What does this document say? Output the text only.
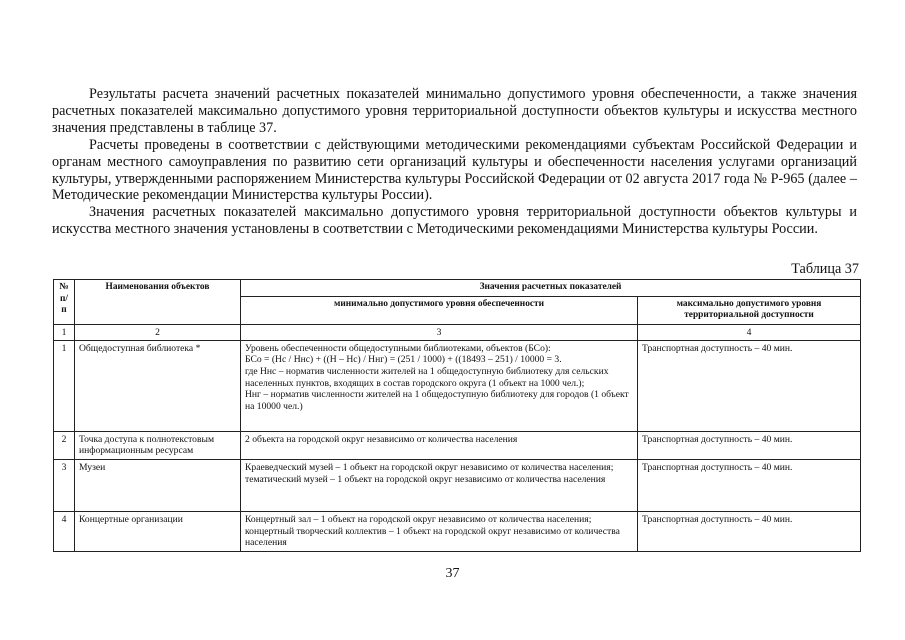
Результаты расчета значений расчетных показателей минимально допустимого уровня обеспеченности, а также значения расчетных показателей максимально допустимого уровня территориальной доступности объектов культуры и искусства местного значения представлены в таблице 37.

Расчеты проведены в соответствии с действующими методическими рекомендациями субъектам Российской Федерации и органам местного самоуправления по развитию сети организаций культуры и обеспеченности населения услугами организаций культуры, утвержденными распоряжением Министерства культуры Российской Федерации от 02 августа 2017 года № Р-965 (далее – Методические рекомендации Министерства культуры России).

Значения расчетных показателей максимально допустимого уровня территориальной доступности объектов культуры и искусства местного значения установлены в соответствии с Методическими рекомендациями Министерства культуры России.

Таблица 37
№ п/п	Наименования объектов	Значения расчетных показателей	
		минимально допустимого уровня обеспеченности	максимально допустимого уровня территориальной доступности
1	2	3	4
1	Общедоступная библиотека *	Уровень обеспеченности общедоступными библиотеками, объектов (БСо):
БСо = (Нс / Ннс) + ((Н – Нс) / Ннг) = (251 / 1000) + ((18493 – 251) / 10000 = 3.
где Ннс – норматив численности жителей на 1 общедоступную библиотеку для сельских населенных пунктов, входящих в состав городского округа (1 объект на 1000 чел.);
Ннг – норматив численности жителей на 1 общедоступную библиотеку для городов (1 объект на 10000 чел.)	Транспортная доступность – 40 мин.
2	Точка доступа к полнотекстовым информационным ресурсам	2 объекта на городской округ независимо от количества населения	Транспортная доступность – 40 мин.
3	Музеи	Краеведческий музей – 1 объект на городской округ независимо от количества населения;
тематический музей – 1 объект на городской округ независимо от количества населения	Транспортная доступность – 40 мин.
4	Концертные организации	Концертный зал – 1 объект на городской округ независимо от количества населения;
концертный творческий коллектив – 1 объект на городской округ независимо от количества населения	Транспортная доступность – 40 мин.
37
